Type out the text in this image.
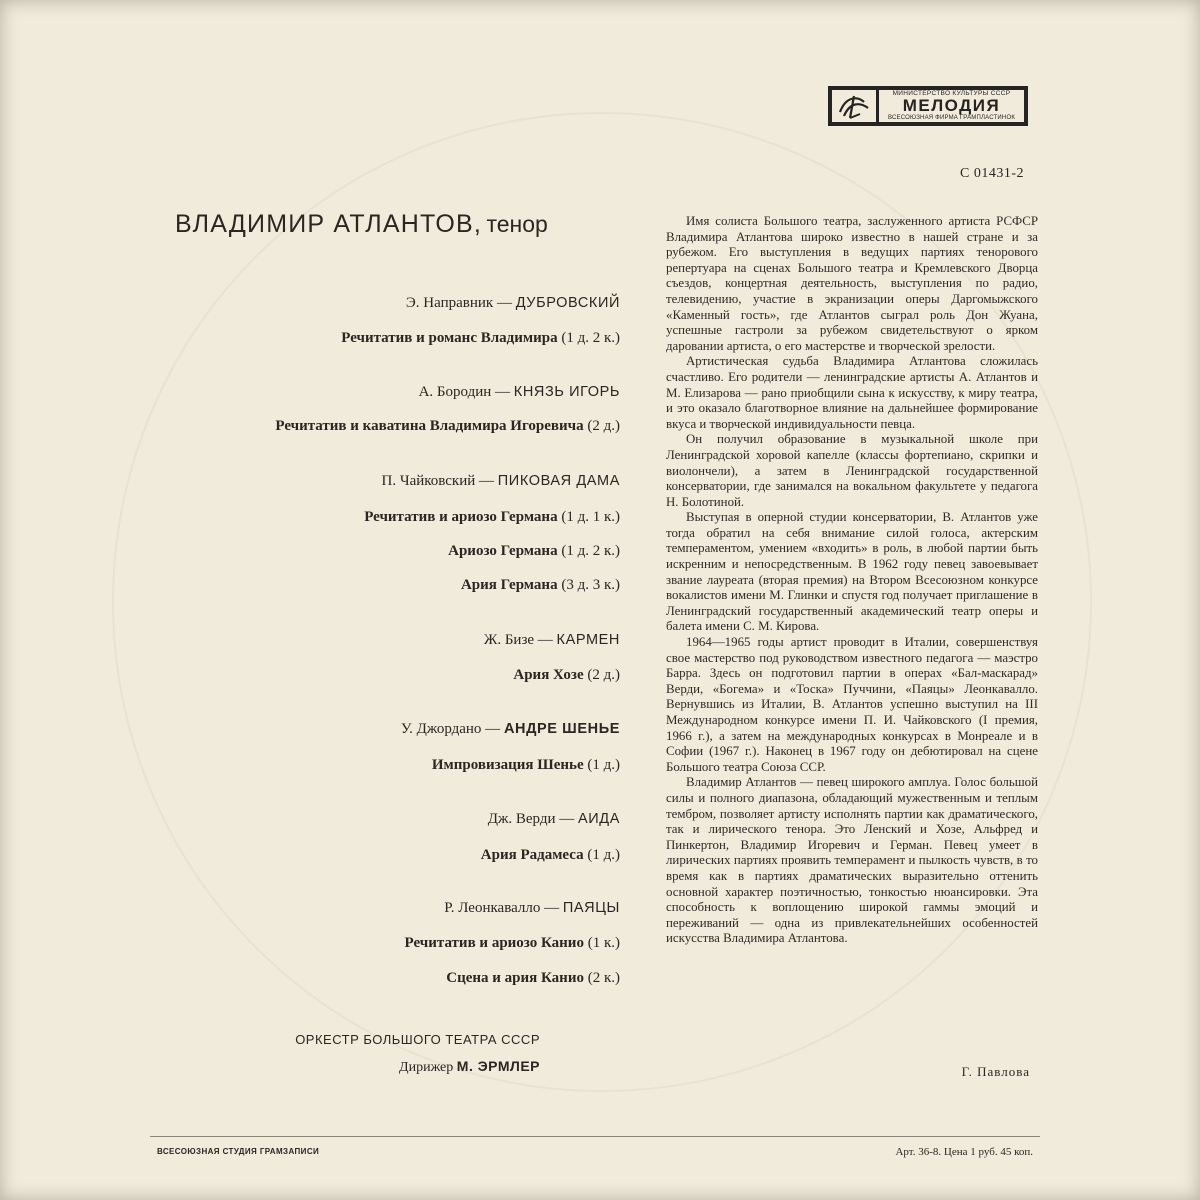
МИНИСТЕРСТВО КУЛЬТУРЫ СССР
МЕЛОДИЯ
ВСЕСОЮЗНАЯ ФИРМА ГРАМПЛАСТИНОК
С 01431-2
ВЛАДИМИР АТЛАНТОВ, тенор
Э. Направник — ДУБРОВСКИЙ
Речитатив и романс Владимира (1 д. 2 к.)
А. Бородин — КНЯЗЬ ИГОРЬ
Речитатив и каватина Владимира Игоревича (2 д.)
П. Чайковский — ПИКОВАЯ ДАМА
Речитатив и ариозо Германа (1 д. 1 к.)
Ариозо Германа (1 д. 2 к.)
Ария Германа (3 д. 3 к.)
Ж. Бизе — КАРМЕН
Ария Хозе (2 д.)
У. Джордано — АНДРЕ ШЕНЬЕ
Импровизация Шенье (1 д.)
Дж. Верди — АИДА
Ария Радамеса (1 д.)
Р. Леонкавалло — ПАЯЦЫ
Речитатив и ариозо Канио (1 к.)
Сцена и ария Канио (2 к.)
ОРКЕСТР БОЛЬШОГО ТЕАТРА СССР
Дирижер М. ЭРМЛЕР

Имя солиста Большого театра, заслуженного артиста РСФСР Владимира Атлантова широко известно в нашей стране и за рубежом. Его выступления в ведущих партиях тенорового репертуара на сценах Большого театра и Кремлевского Дворца съездов, концертная деятельность, выступления по радио, телевидению, участие в экранизации оперы Даргомыжского «Каменный гость», где Атлантов сыграл роль Дон Жуана, успешные гастроли за рубежом свидетельствуют о ярком даровании артиста, о его мастерстве и творческой зрелости.

Артистическая судьба Владимира Атлантова сложилась счастливо. Его родители — ленинградские артисты А. Атлантов и М. Елизарова — рано приобщили сына к искусству, к миру театра, и это оказало благотворное влияние на дальнейшее формирование вкуса и творческой индивидуальности певца.

Он получил образование в музыкальной школе при Ленинградской хоровой капелле (классы фортепиано, скрипки и виолончели), а затем в Ленинградской государственной консерватории, где занимался на вокальном факультете у педагога Н. Болотиной.

Выступая в оперной студии консерватории, В. Атлантов уже тогда обратил на себя внимание силой голоса, актерским темпераментом, умением «входить» в роль, в любой партии быть искренним и непосредственным. В 1962 году певец завоевывает звание лауреата (вторая премия) на Втором Всесоюзном конкурсе вокалистов имени М. Глинки и спустя год получает приглашение в Ленинградский государственный академический театр оперы и балета имени С. М. Кирова.

1964—1965 годы артист проводит в Италии, совершенствуя свое мастерство под руководством известного педагога — маэстро Барра. Здесь он подготовил партии в операх «Бал-маскарад» Верди, «Богема» и «Тоска» Пуччини, «Паяцы» Леонкавалло. Вернувшись из Италии, В. Атлантов успешно выступил на III Международном конкурсе имени П. И. Чайковского (I премия, 1966 г.), а затем на международных конкурсах в Монреале и в Софии (1967 г.). Наконец в 1967 году он дебютировал на сцене Большого театра Союза ССР.

Владимир Атлантов — певец широкого амплуа. Голос большой силы и полного диапазона, обладающий мужественным и теплым тембром, позволяет артисту исполнять партии как драматического, так и лирического тенора. Это Ленский и Хозе, Альфред и Пинкертон, Владимир Игоревич и Герман. Певец умеет в лирических партиях проявить темперамент и пылкость чувств, в то время как в партиях драматических выразительно оттенить основной характер поэтичностью, тонкостью нюансировки. Эта способность к воплощению широкой гаммы эмоций и переживаний — одна из привлекательнейших особенностей искусства Владимира Атлантова.

Г. Павлова
ВСЕСОЮЗНАЯ СТУДИЯ ГРАМЗАПИСИ	Арт. 36-8. Цена 1 руб. 45 коп.
